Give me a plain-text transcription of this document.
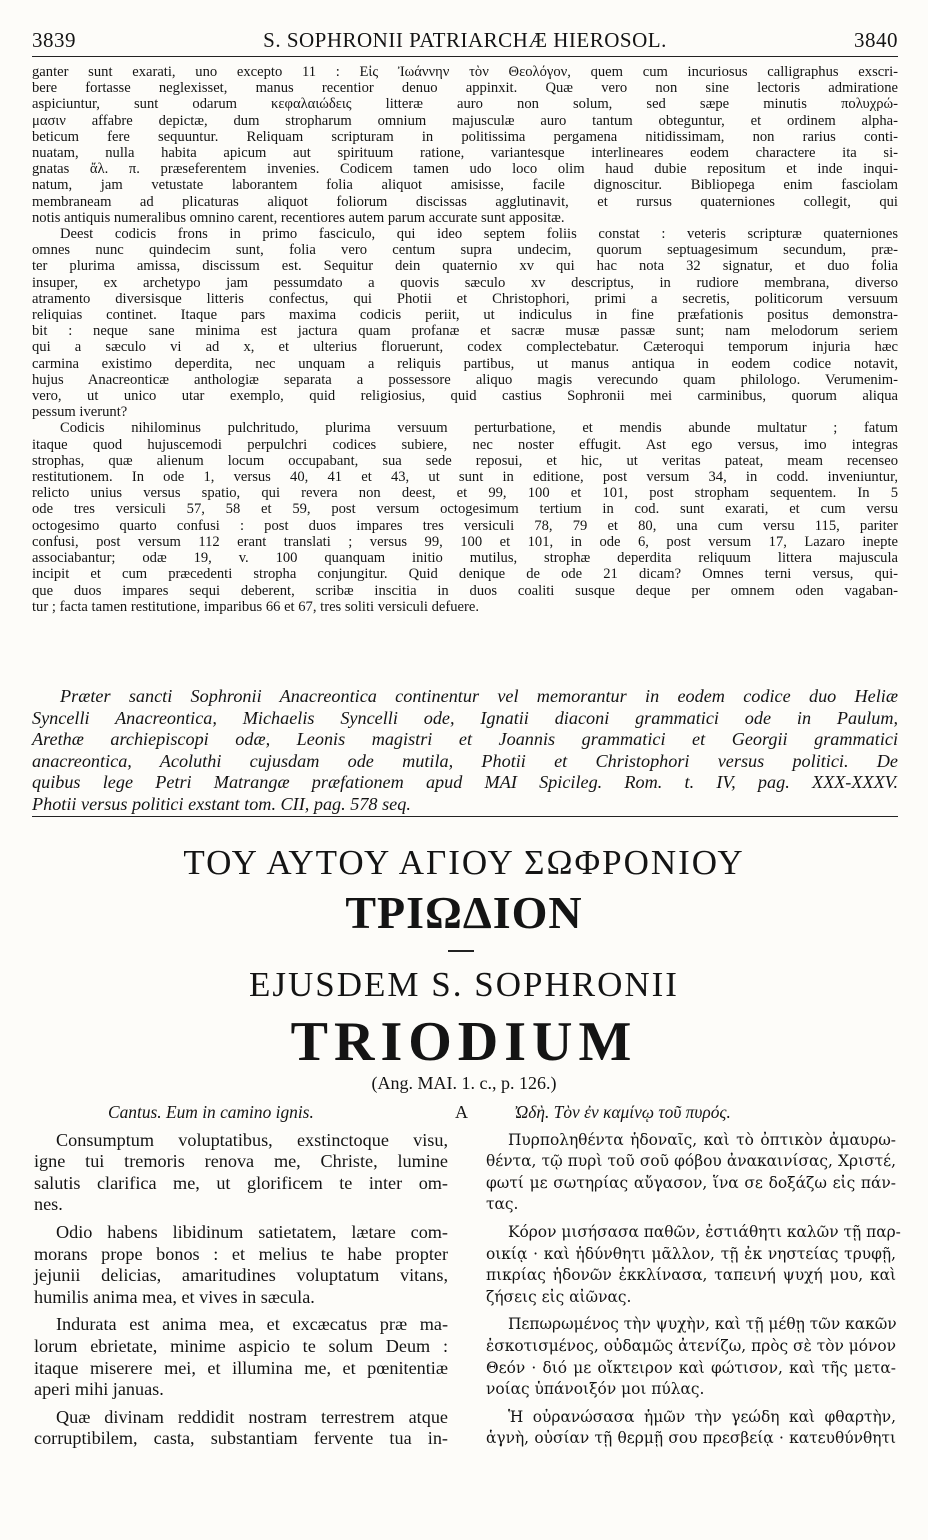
3839	S. SOPHRONII PATRIARCHÆ HIEROSOL.	3840

ganter sunt exarati, uno excepto 11 : Εἰς Ἰωάννην τὸν Θεολόγον, quem cum incuriosus calligraphus exscri-
bere fortasse neglexisset, manus recentior denuo appinxit. Quæ vero non sine lectoris admiratione
aspiciuntur, sunt odarum κεφαλαιώδεις litteræ auro non solum, sed sæpe minutis πολυχρώ-
μασιν affabre depictæ, dum stropharum omnium majusculæ auro tantum obteguntur, et ordinem alpha-
beticum fere sequuntur. Reliquam scripturam in politissima pergamena nitidissimam, non rarius conti-
nuatam, nulla habita apicum aut spirituum ratione, variantesque interlineares eodem charactere ita si-
gnatas ἄλ. π. præseferentem invenies. Codicem tamen udo loco olim haud dubie repositum et inde inqui-
natum, jam vetustate laborantem folia aliquot amisisse, facile dignoscitur. Bibliopega enim fasciolam
membraneam ad plicaturas aliquot foliorum discissas agglutinavit, et rursus quaterniones collegit, qui
notis antiquis numeralibus omnino carent, recentiores autem parum accurate sunt appositæ.

Deest codicis frons in primo fasciculo, qui ideo septem foliis constat : veteris scripturæ quaterniones
omnes nunc quindecim sunt, folia vero centum supra undecim, quorum septuagesimum secundum, præ-
ter plurima amissa, discissum est. Sequitur dein quaternio xv qui hac nota 32 signatur, et duo folia
insuper, ex archetypo jam pessumdato a quovis sæculo xv descriptus, in rudiore membrana, diverso
atramento diversisque litteris confectus, qui Photii et Christophori, primi a secretis, politicorum versuum
reliquias continet. Itaque pars maxima codicis periit, ut indiculus in fine præfationis positus demonstra-
bit : neque sane minima est jactura quam profanæ et sacræ musæ passæ sunt; nam melodorum seriem
qui a sæculo vi ad x, et ulterius floruerunt, codex complectebatur. Cæteroqui temporum injuria hæc
carmina existimo deperdita, nec unquam a reliquis partibus, ut manus antiqua in eodem codice notavit,
hujus Anacreonticæ anthologiæ separata a possessore aliquo magis verecundo quam philologo. Verumenim-
vero, ut unico utar exemplo, quid religiosius, quid castius Sophronii mei carminibus, quorum aliqua
pessum iverunt?

Codicis nihilominus pulchritudo, plurima versuum perturbatione, et mendis abunde multatur ; fatum
itaque quod hujuscemodi perpulchri codices subiere, nec noster effugit. Ast ego versus, imo integras
strophas, quæ alienum locum occupabant, sua sede reposui, et hic, ut veritas pateat, meam recenseo
restitutionem. In ode 1, versus 40, 41 et 43, ut sunt in editione, post versum 34, in codd. inveniuntur,
relicto unius versus spatio, qui revera non deest, et 99, 100 et 101, post stropham sequentem. In 5
ode tres versiculi 57, 58 et 59, post versum octogesimum tertium in cod. sunt exarati, et cum versu
octogesimo quarto confusi : post duos impares tres versiculi 78, 79 et 80, una cum versu 115, pariter
confusi, post versum 112 erant translati ; versus 99, 100 et 101, in ode 6, post versum 17, Lazaro inepte
associabantur; odæ 19, v. 100 quanquam initio mutilus, strophæ deperdita reliquum littera majuscula
incipit et cum præcedenti stropha conjungitur. Quid denique de ode 21 dicam? Omnes terni versus, qui-
que duos impares sequi deberent, scribæ inscitia in duos coaliti susque deque per omnem oden vagaban-
tur ; facta tamen restitutione, imparibus 66 et 67, tres soliti versiculi defuere.

Præter sancti Sophronii Anacreontica continentur vel memorantur in eodem codice duo Heliæ
Syncelli Anacreontica, Michaelis Syncelli ode, Ignatii diaconi grammatici ode in Paulum,
Arethæ archiepiscopi odæ, Leonis magistri et Joannis grammatici et Georgii grammatici
anacreontica, Acoluthi cujusdam ode mutila, Photii et Christophori versus politici. De
quibus lege Petri Matrangæ præfationem apud MAI Spicileg. Rom. t. IV, pag. XXX-XXXV.
Photii versus politici exstant tom. CII, pag. 578 seq.
ΤΟΥ ΑΥΤΟΥ ΑΓΙΟΥ ΣΩΦΡΟΝΙΟΥ
ΤΡΙΩΔΙΟΝ
EJUSDEM S. SOPHRONII
TRIODIUM
(Ang. MAI. 1. c., p. 126.)
A
Cantus. Eum in camino ignis.
Consumptum voluptatibus, exstinctoque visu,
igne tui tremoris renova me, Christe, lumine
salutis clarifica me, ut glorificem te inter om-
nes.
Odio habens libidinum satietatem, lætare com-
morans prope bonos : et melius te habe propter
jejunii delicias, amaritudines voluptatum vitans,
humilis anima mea, et vives in sæcula.
Indurata est anima mea, et excæcatus præ ma-
lorum ebrietate, minime aspicio te solum Deum :
itaque miserere mei, et illumina me, et pœnitentiæ
aperi mihi januas.
Quæ divinam reddidit nostram terrestrem atque
corruptibilem, casta, substantiam fervente tua in-
Ὠδὴ. Τὸν ἐν καμίνῳ τοῦ πυρός.
Πυρποληθέντα ἡδοναῖς, καὶ τὸ ὀπτικὸν ἀμαυρω-
θέντα, τῷ πυρὶ τοῦ σοῦ φόβου ἀνακαινίσας, Χριστέ,
φωτί με σωτηρίας αὔγασον, ἵνα σε δοξάζω εἰς πάν-
τας.
Κόρον μισήσασα παθῶν, ἐστιάθητι καλῶν τῇ παρ-
οικίᾳ · καὶ ἡδύνθητι μᾶλλον, τῇ ἐκ νηστείας τρυφῇ,
πικρίας ἡδονῶν ἐκκλίνασα, ταπεινή ψυχή μου, καὶ
ζήσεις εἰς αἰῶνας.
Πεπωρωμένος τὴν ψυχὴν, καὶ τῇ μέθῃ τῶν κακῶν
ἐσκοτισμένος, οὐδαμῶς ἀτενίζω, πρὸς σὲ τὸν μόνον
Θεόν · διό με οἴκτειρον καὶ φώτισον, καὶ τῆς μετα-
νοίας ὑπάνοιξόν μοι πύλας.
Ἡ οὐρανώσασα ἡμῶν τὴν γεώδη καὶ φθαρτὴν,
ἁγνὴ, οὐσίαν τῇ θερμῇ σου πρεσβείᾳ · κατευθύνθητι
